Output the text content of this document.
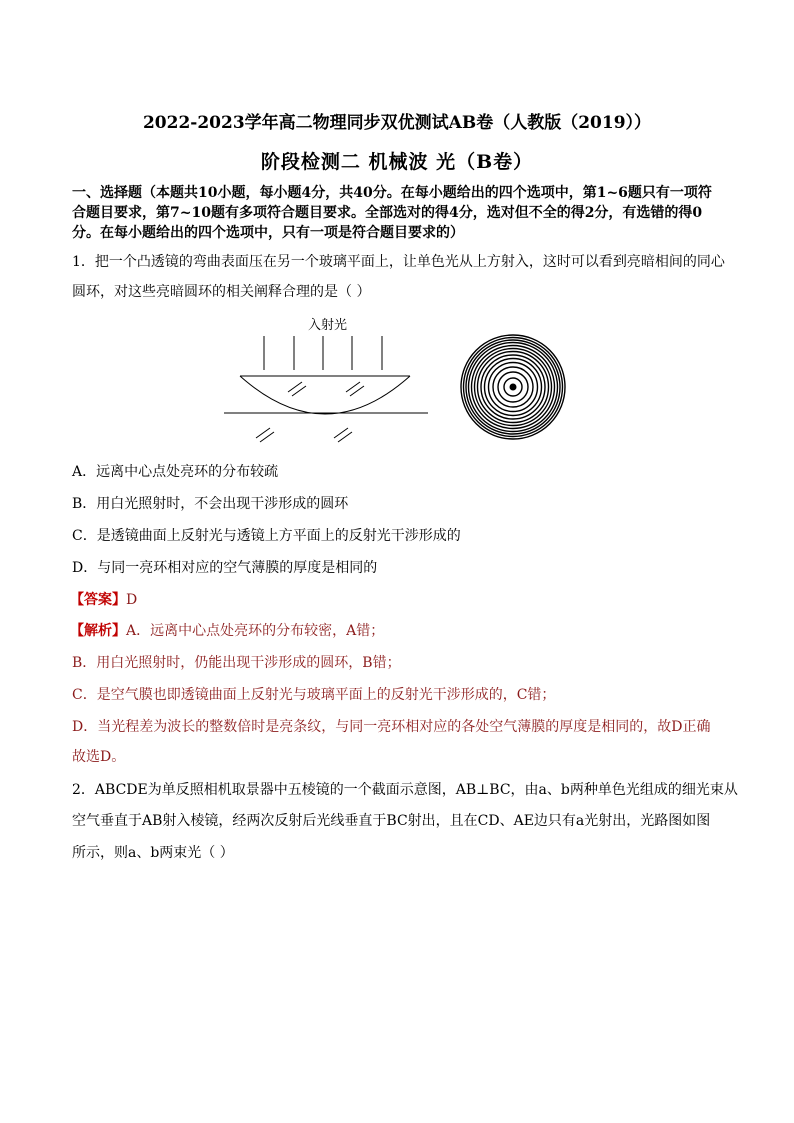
2022-2023学年高二物理同步双优测试AB卷（人教版（2019））
阶段检测二 机械波 光（B卷）
一、选择题（本题共10小题，每小题4分，共40分。在每小题给出的四个选项中，第1~6题只有一项符
合题目要求，第7~10题有多项符合题目要求。全部选对的得4分，选对但不全的得2分，有选错的得0
分。在每小题给出的四个选项中，只有一项是符合题目要求的）
1．把一个凸透镜的弯曲表面压在另一个玻璃平面上，让单色光从上方射入，这时可以看到亮暗相间的同心
圆环，对这些亮暗圆环的相关阐释合理的是（ ）
入射光
A．远离中心点处亮环的分布较疏
B．用白光照射时，不会出现干涉形成的圆环
C．是透镜曲面上反射光与透镜上方平面上的反射光干涉形成的
D．与同一亮环相对应的空气薄膜的厚度是相同的
【答案】D
【解析】A．远离中心点处亮环的分布较密，A错；
B．用白光照射时，仍能出现干涉形成的圆环，B错；
C．是空气膜也即透镜曲面上反射光与玻璃平面上的反射光干涉形成的，C错；
D．当光程差为波长的整数倍时是亮条纹，与同一亮环相对应的各处空气薄膜的厚度是相同的，故D正确
故选D。
2．ABCDE为单反照相机取景器中五棱镜的一个截面示意图，AB⊥BC，由a、b两种单色光组成的细光束从
空气垂直于AB射入棱镜，经两次反射后光线垂直于BC射出，且在CD、AE边只有a光射出，光路图如图
所示，则a、b两束光（ ）
